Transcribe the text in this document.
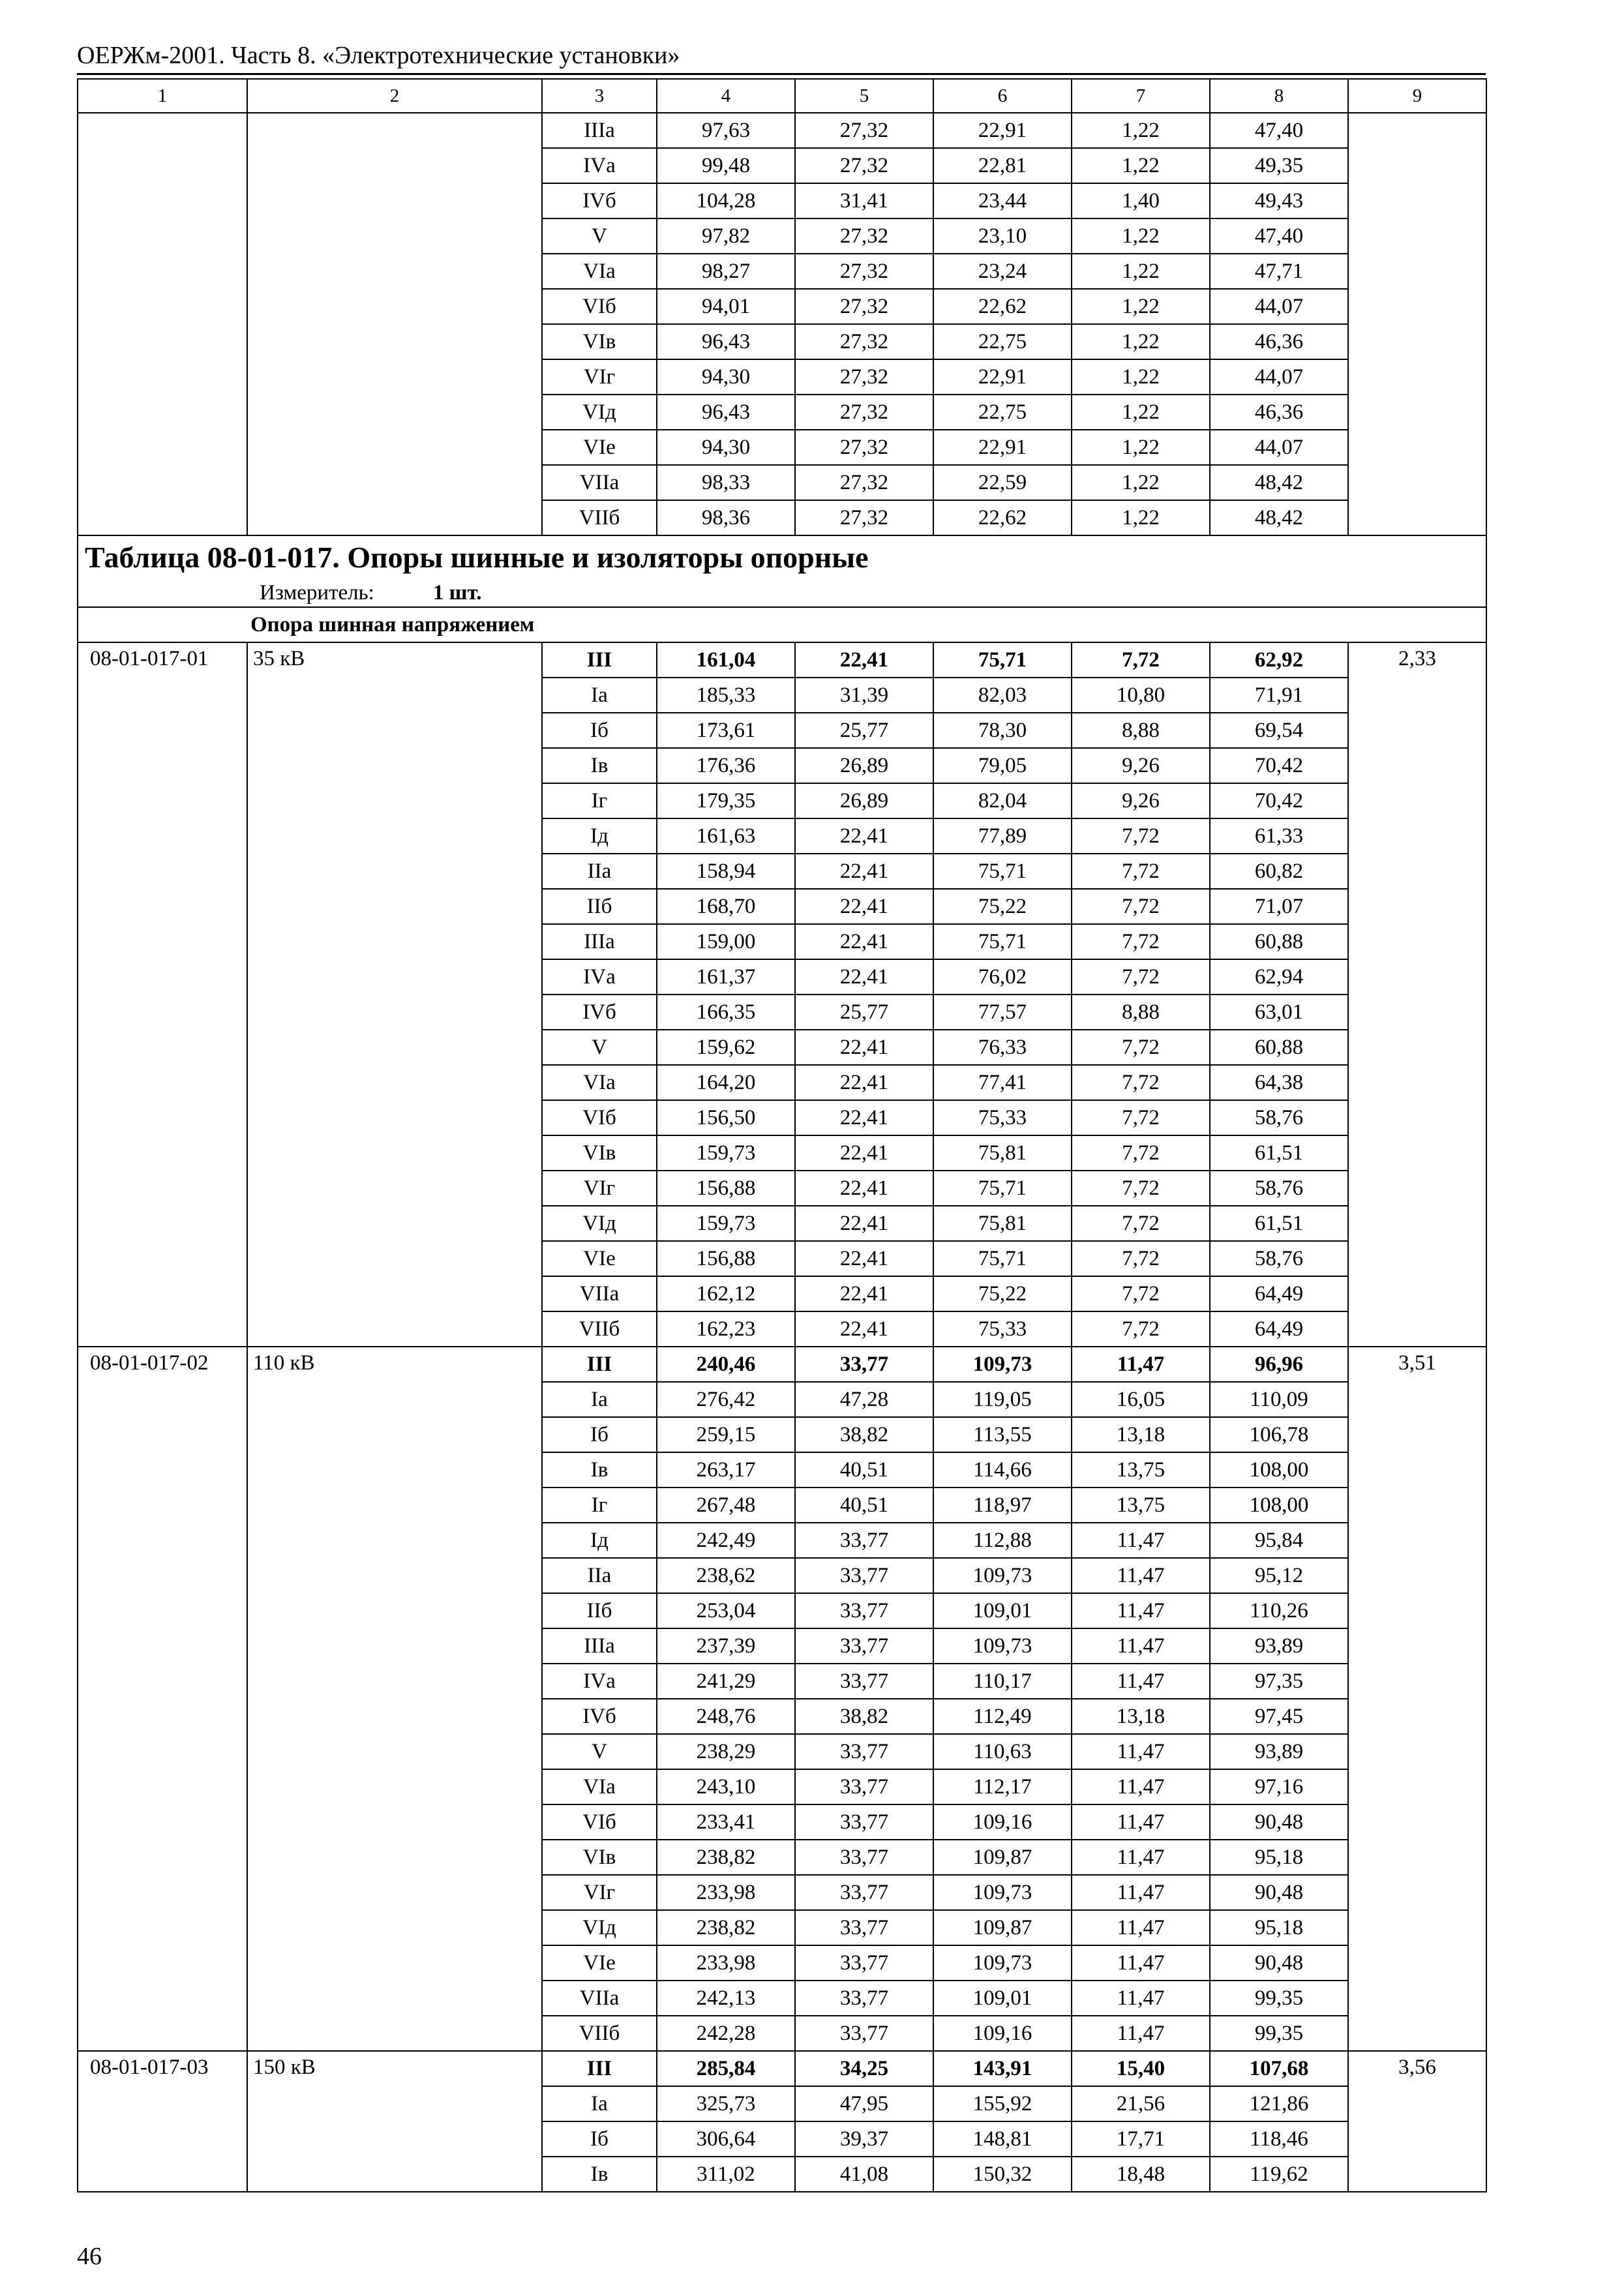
ОЕРЖм-2001. Часть 8. «Электротехнические установки»
1	2	3	4	5	6	7	8	9
		IIIа	97,63	27,32	22,91	1,22	47,40	
		IVа	99,48	27,32	22,81	1,22	49,35	
		IVб	104,28	31,41	23,44	1,40	49,43	
		V	97,82	27,32	23,10	1,22	47,40	
		VIа	98,27	27,32	23,24	1,22	47,71	
		VIб	94,01	27,32	22,62	1,22	44,07	
		VIв	96,43	27,32	22,75	1,22	46,36	
		VIг	94,30	27,32	22,91	1,22	44,07	
		VIд	96,43	27,32	22,75	1,22	46,36	
		VIе	94,30	27,32	22,91	1,22	44,07	
		VIIа	98,33	27,32	22,59	1,22	48,42	
		VIIб	98,36	27,32	22,62	1,22	48,42	

Таблица 08-01-017. Опоры шинные и изоляторы опорные
Измеритель: 1 шт.								

Опора шинная напряжением								
08-01-017-01	35 кВ	III	161,04	22,41	75,71	7,72	62,92	2,33
		Iа	185,33	31,39	82,03	10,80	71,91	
		Iб	173,61	25,77	78,30	8,88	69,54	
		Iв	176,36	26,89	79,05	9,26	70,42	
		Iг	179,35	26,89	82,04	9,26	70,42	
		Iд	161,63	22,41	77,89	7,72	61,33	
		IIа	158,94	22,41	75,71	7,72	60,82	
		IIб	168,70	22,41	75,22	7,72	71,07	
		IIIа	159,00	22,41	75,71	7,72	60,88	
		IVа	161,37	22,41	76,02	7,72	62,94	
		IVб	166,35	25,77	77,57	8,88	63,01	
		V	159,62	22,41	76,33	7,72	60,88	
		VIа	164,20	22,41	77,41	7,72	64,38	
		VIб	156,50	22,41	75,33	7,72	58,76	
		VIв	159,73	22,41	75,81	7,72	61,51	
		VIг	156,88	22,41	75,71	7,72	58,76	
		VIд	159,73	22,41	75,81	7,72	61,51	
		VIе	156,88	22,41	75,71	7,72	58,76	
		VIIа	162,12	22,41	75,22	7,72	64,49	
		VIIб	162,23	22,41	75,33	7,72	64,49	
08-01-017-02	110 кВ	III	240,46	33,77	109,73	11,47	96,96	3,51
		Iа	276,42	47,28	119,05	16,05	110,09	
		Iб	259,15	38,82	113,55	13,18	106,78	
		Iв	263,17	40,51	114,66	13,75	108,00	
		Iг	267,48	40,51	118,97	13,75	108,00	
		Iд	242,49	33,77	112,88	11,47	95,84	
		IIа	238,62	33,77	109,73	11,47	95,12	
		IIб	253,04	33,77	109,01	11,47	110,26	
		IIIа	237,39	33,77	109,73	11,47	93,89	
		IVа	241,29	33,77	110,17	11,47	97,35	
		IVб	248,76	38,82	112,49	13,18	97,45	
		V	238,29	33,77	110,63	11,47	93,89	
		VIа	243,10	33,77	112,17	11,47	97,16	
		VIб	233,41	33,77	109,16	11,47	90,48	
		VIв	238,82	33,77	109,87	11,47	95,18	
		VIг	233,98	33,77	109,73	11,47	90,48	
		VIд	238,82	33,77	109,87	11,47	95,18	
		VIе	233,98	33,77	109,73	11,47	90,48	
		VIIа	242,13	33,77	109,01	11,47	99,35	
		VIIб	242,28	33,77	109,16	11,47	99,35	
08-01-017-03	150 кВ	III	285,84	34,25	143,91	15,40	107,68	3,56
		Iа	325,73	47,95	155,92	21,56	121,86	
		Iб	306,64	39,37	148,81	17,71	118,46	
		Iв	311,02	41,08	150,32	18,48	119,62	
46
